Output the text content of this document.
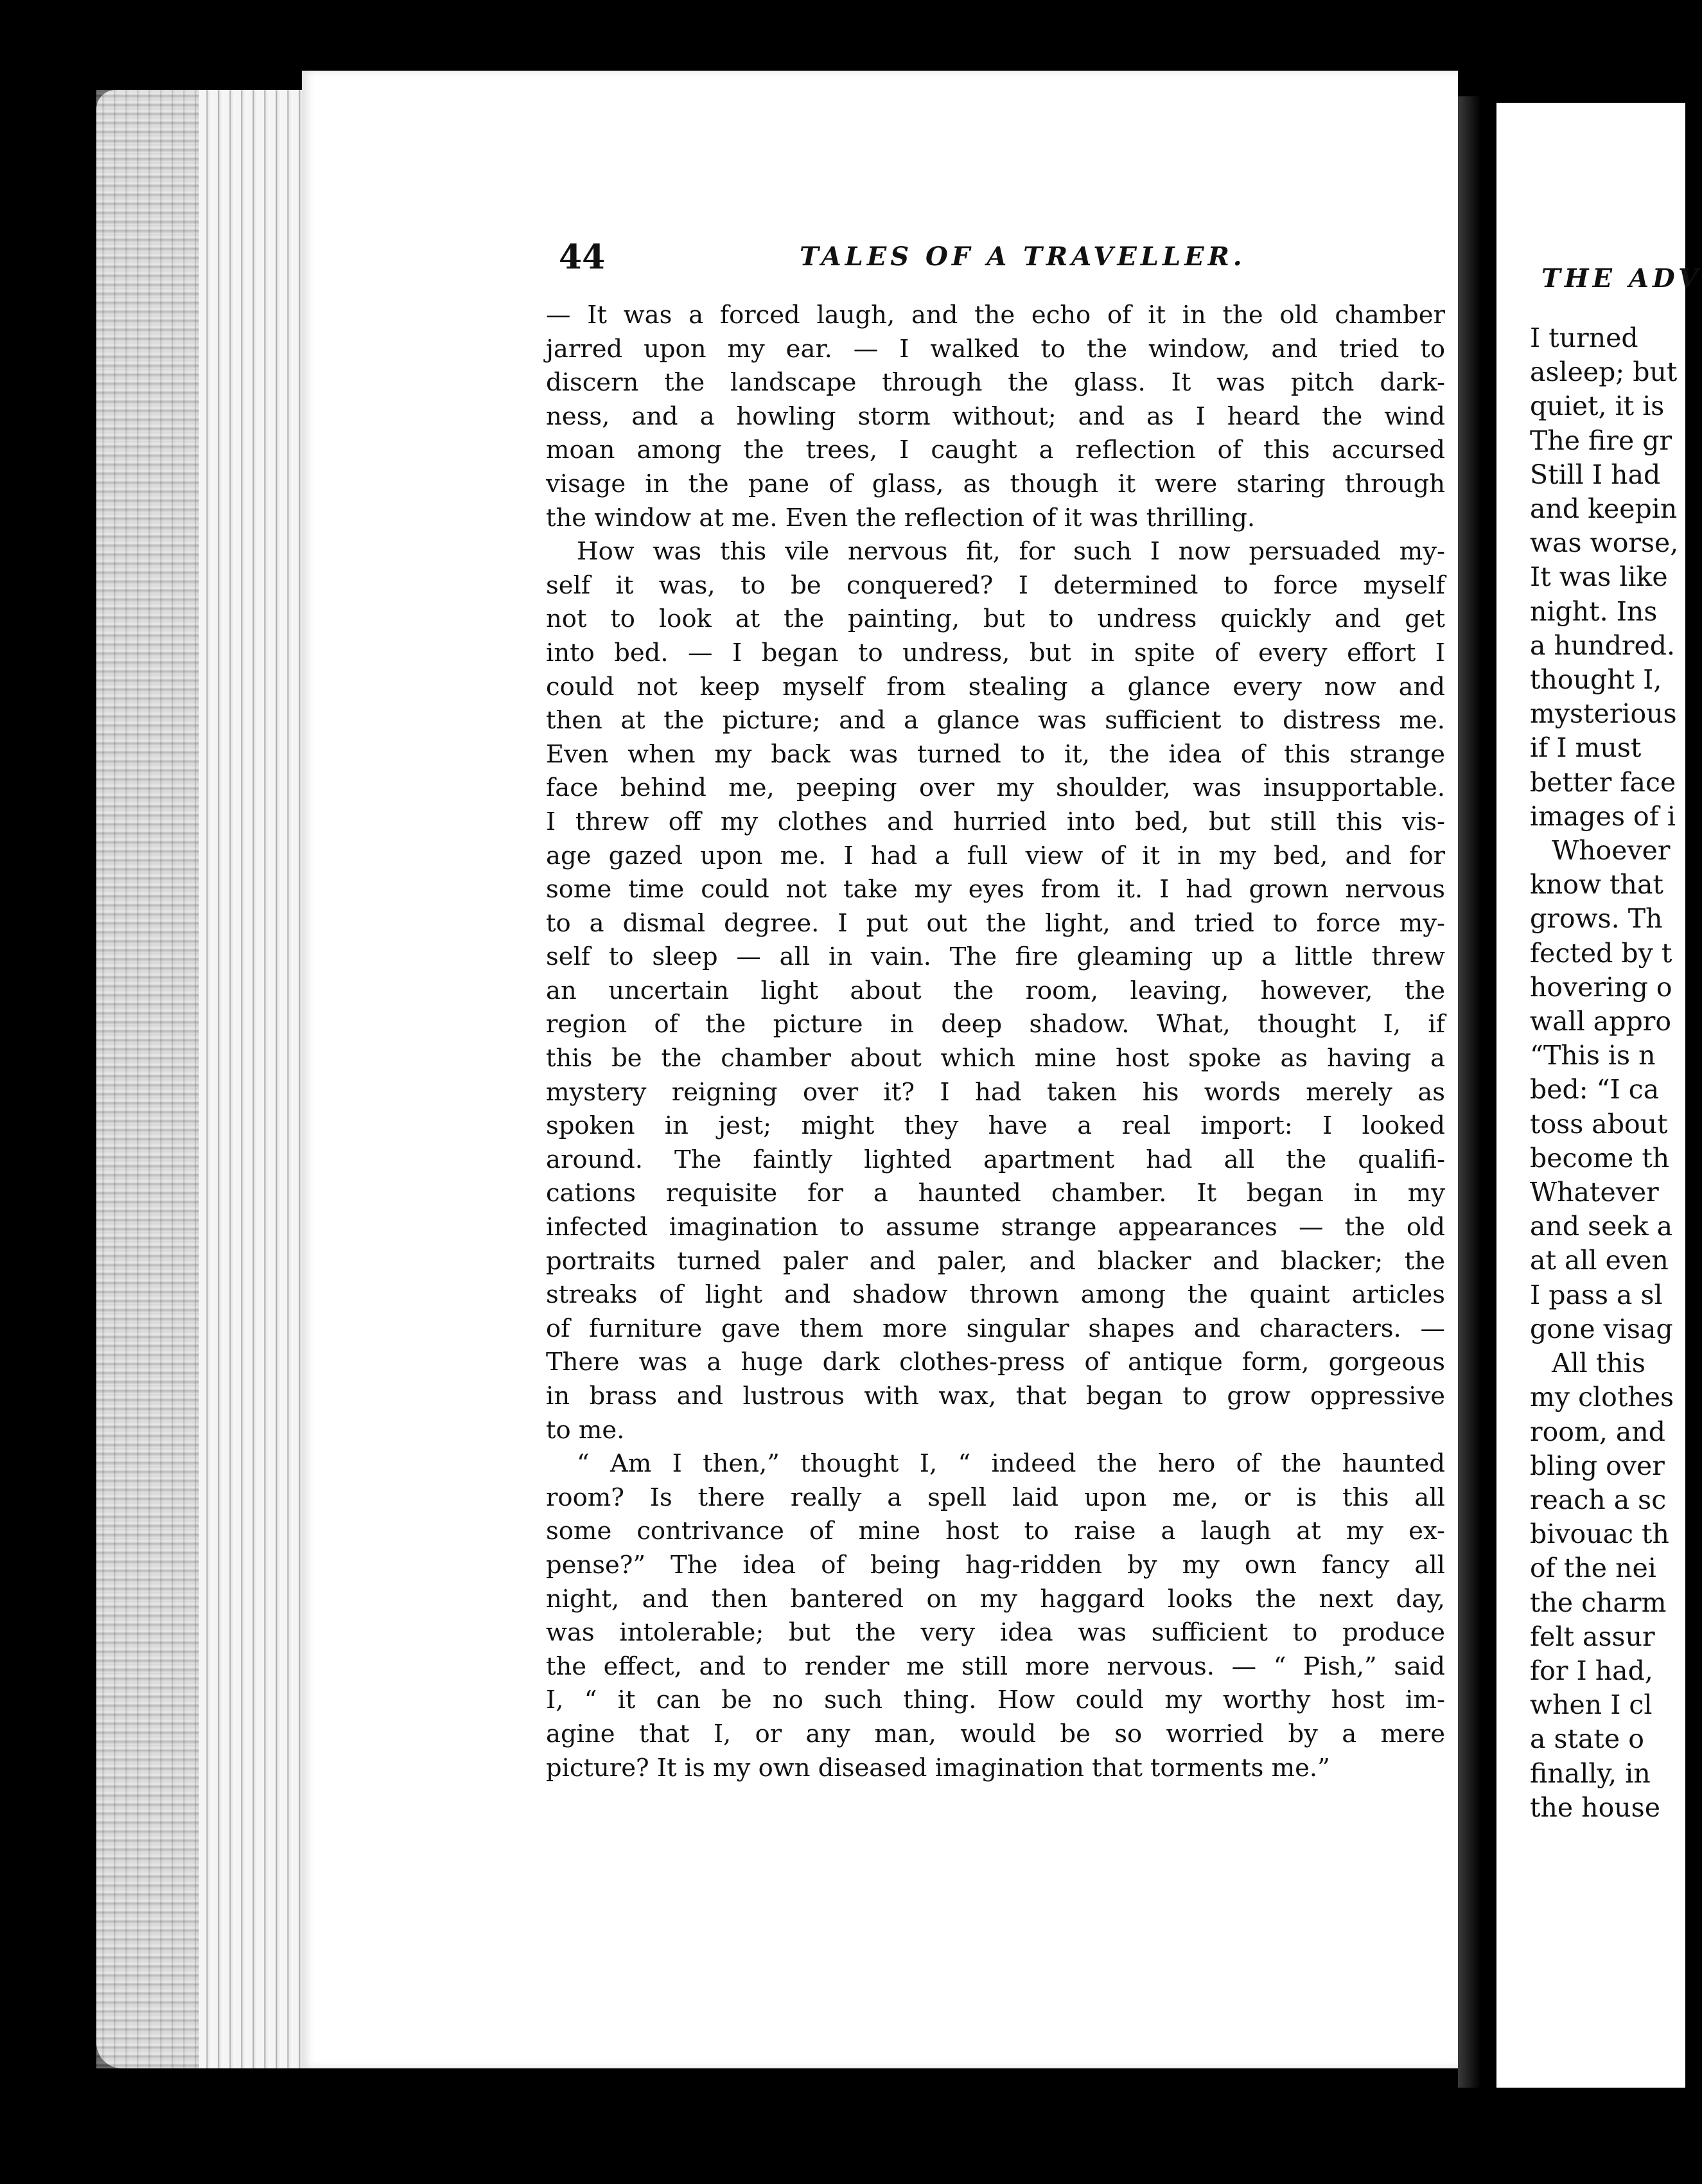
44	TALES OF A TRAVELLER.
— It was a forced laugh, and the echo of it in the old chamber
jarred upon my ear. — I walked to the window, and tried to
discern the landscape through the glass. It was pitch dark-
ness, and a howling storm without; and as I heard the wind
moan among the trees, I caught a reflection of this accursed
visage in the pane of glass, as though it were staring through
the window at me. Even the reflection of it was thrilling.
How was this vile nervous fit, for such I now persuaded my-
self it was, to be conquered? I determined to force myself
not to look at the painting, but to undress quickly and get
into bed. — I began to undress, but in spite of every effort I
could not keep myself from stealing a glance every now and
then at the picture; and a glance was sufficient to distress me.
Even when my back was turned to it, the idea of this strange
face behind me, peeping over my shoulder, was insupportable.
I threw off my clothes and hurried into bed, but still this vis-
age gazed upon me. I had a full view of it in my bed, and for
some time could not take my eyes from it. I had grown nervous
to a dismal degree. I put out the light, and tried to force my-
self to sleep — all in vain. The fire gleaming up a little threw
an uncertain light about the room, leaving, however, the
region of the picture in deep shadow. What, thought I, if
this be the chamber about which mine host spoke as having a
mystery reigning over it? I had taken his words merely as
spoken in jest; might they have a real import: I looked
around. The faintly lighted apartment had all the qualifi-
cations requisite for a haunted chamber. It began in my
infected imagination to assume strange appearances — the old
portraits turned paler and paler, and blacker and blacker; the
streaks of light and shadow thrown among the quaint articles
of furniture gave them more singular shapes and characters. —
There was a huge dark clothes-press of antique form, gorgeous
in brass and lustrous with wax, that began to grow oppressive
to me.
“ Am I then,” thought I, “ indeed the hero of the haunted
room? Is there really a spell laid upon me, or is this all
some contrivance of mine host to raise a laugh at my ex-
pense?” The idea of being hag-ridden by my own fancy all
night, and then bantered on my haggard looks the next day,
was intolerable; but the very idea was sufficient to produce
the effect, and to render me still more nervous. — “ Pish,” said
I, “ it can be no such thing. How could my worthy host im-
agine that I, or any man, would be so worried by a mere
picture? It is my own diseased imagination that torments me.”
THE ADV
I turned
asleep; but
quiet, it is
The fire gr
Still I had
and keepin
was worse,
It was like
night. Ins
a hundred.
thought I,
mysterious
if I must
better face
images of i
Whoever
know that
grows. Th
fected by t
hovering o
wall appro
“This is n
bed: “I ca
toss about
become th
Whatever
and seek a
at all even
I pass a sl
gone visag
All this
my clothes
room, and
bling over
reach a sc
bivouac th
of the nei
the charm
felt assur
for I had,
when I cl
a state o
finally, in
the house
